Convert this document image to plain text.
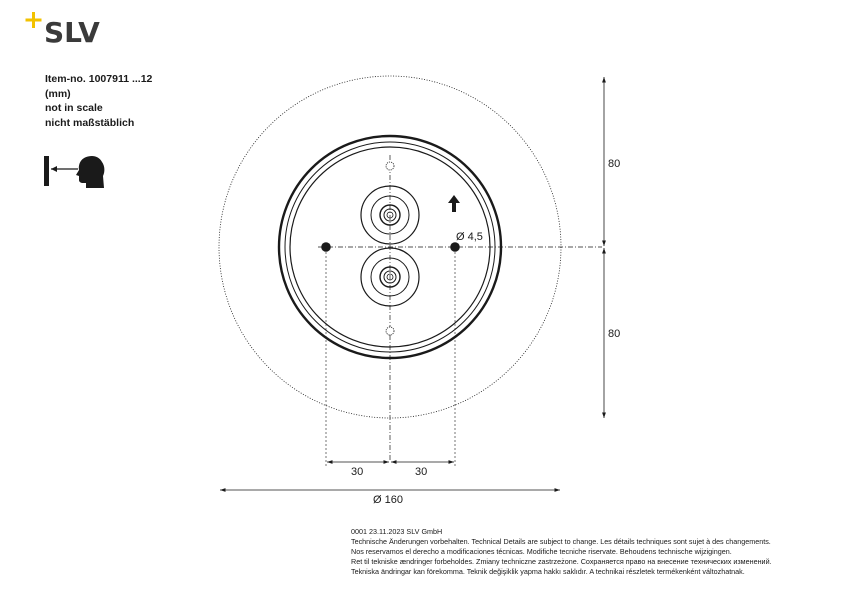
SLV
Item-no. 1007911 ...12
(mm)
not in scale
nicht maßstäblich
Ø 4,5
80
80
30	30
Ø 160
0001 23.11.2023 SLV GmbH
Technische Änderungen vorbehalten. Technical Details are subject to change. Les détails techniques sont sujet à des changements.
Nos reservamos el derecho a modificaciones técnicas. Modifiche tecniche riservate. Behoudens technische wijzigingen.
Ret til tekniske ændringer forbeholdes. Zmiany techniczne zastrzeżone. Сохраняется право на внесение технических изменений.
Tekniska ändringar kan förekomma. Teknik değişiklik yapma hakkı saklıdır. A technikai részletek termékenként változhatnak.
